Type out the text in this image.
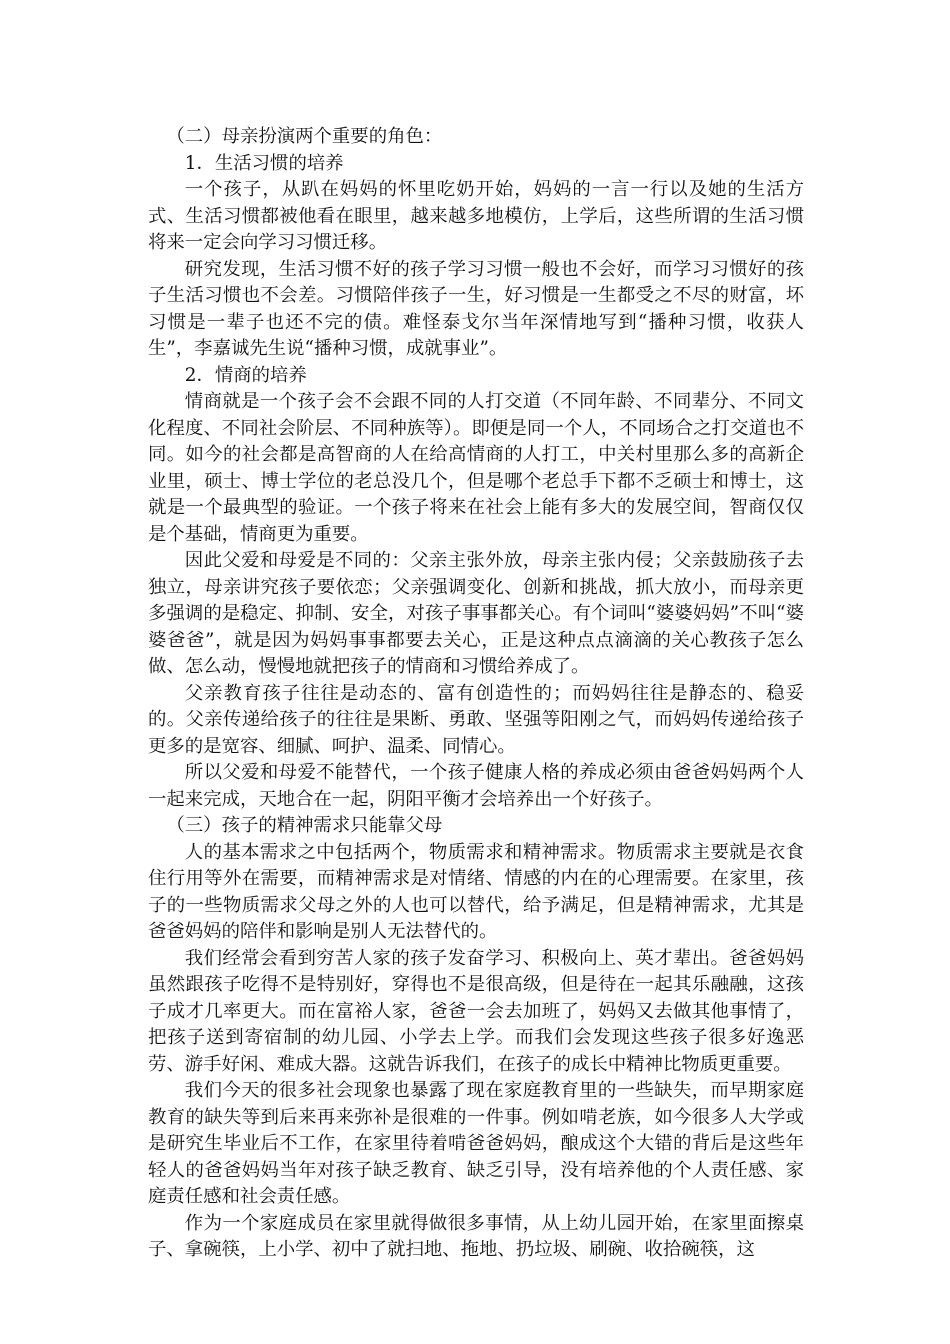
（二）母亲扮演两个重要的角色：

1．生活习惯的培养

一个孩子，从趴在妈妈的怀里吃奶开始，妈妈的一言一行以及她的生活方式、生活习惯都被他看在眼里，越来越多地模仿，上学后，这些所谓的生活习惯将来一定会向学习习惯迁移。

研究发现，生活习惯不好的孩子学习习惯一般也不会好，而学习习惯好的孩子生活习惯也不会差。习惯陪伴孩子一生，好习惯是一生都受之不尽的财富，坏习惯是一辈子也还不完的债。难怪泰戈尔当年深情地写到“播种习惯，收获人生”，李嘉诚先生说“播种习惯，成就事业”。

2．情商的培养

情商就是一个孩子会不会跟不同的人打交道（不同年龄、不同辈分、不同文化程度、不同社会阶层、不同种族等）。即便是同一个人，不同场合之打交道也不同。如今的社会都是高智商的人在给高情商的人打工，中关村里那么多的高新企业里，硕士、博士学位的老总没几个，但是哪个老总手下都不乏硕士和博士，这就是一个最典型的验证。一个孩子将来在社会上能有多大的发展空间，智商仅仅是个基础，情商更为重要。

因此父爱和母爱是不同的：父亲主张外放，母亲主张内侵；父亲鼓励孩子去独立，母亲讲究孩子要依恋；父亲强调变化、创新和挑战，抓大放小，而母亲更多强调的是稳定、抑制、安全，对孩子事事都关心。有个词叫“婆婆妈妈”不叫“婆婆爸爸”，就是因为妈妈事事都要去关心，正是这种点点滴滴的关心教孩子怎么做、怎么动，慢慢地就把孩子的情商和习惯给养成了。

父亲教育孩子往往是动态的、富有创造性的；而妈妈往往是静态的、稳妥的。父亲传递给孩子的往往是果断、勇敢、坚强等阳刚之气，而妈妈传递给孩子更多的是宽容、细腻、呵护、温柔、同情心。

所以父爱和母爱不能替代，一个孩子健康人格的养成必须由爸爸妈妈两个人一起来完成，天地合在一起，阴阳平衡才会培养出一个好孩子。

（三）孩子的精神需求只能靠父母

人的基本需求之中包括两个，物质需求和精神需求。物质需求主要就是衣食住行用等外在需要，而精神需求是对情绪、情感的内在的心理需要。在家里，孩子的一些物质需求父母之外的人也可以替代，给予满足，但是精神需求，尤其是爸爸妈妈的陪伴和影响是别人无法替代的。

我们经常会看到穷苦人家的孩子发奋学习、积极向上、英才辈出。爸爸妈妈虽然跟孩子吃得不是特别好，穿得也不是很高级，但是待在一起其乐融融，这孩子成才几率更大。而在富裕人家，爸爸一会去加班了，妈妈又去做其他事情了，把孩子送到寄宿制的幼儿园、小学去上学。而我们会发现这些孩子很多好逸恶劳、游手好闲、难成大器。这就告诉我们，在孩子的成长中精神比物质更重要。

我们今天的很多社会现象也暴露了现在家庭教育里的一些缺失，而早期家庭教育的缺失等到后来再来弥补是很难的一件事。例如啃老族，如今很多人大学或是研究生毕业后不工作，在家里待着啃爸爸妈妈，酿成这个大错的背后是这些年轻人的爸爸妈妈当年对孩子缺乏教育、缺乏引导，没有培养他的个人责任感、家庭责任感和社会责任感。

作为一个家庭成员在家里就得做很多事情，从上幼儿园开始，在家里面擦桌子、拿碗筷，上小学、初中了就扫地、拖地、扔垃圾、刷碗、收拾碗筷，这
